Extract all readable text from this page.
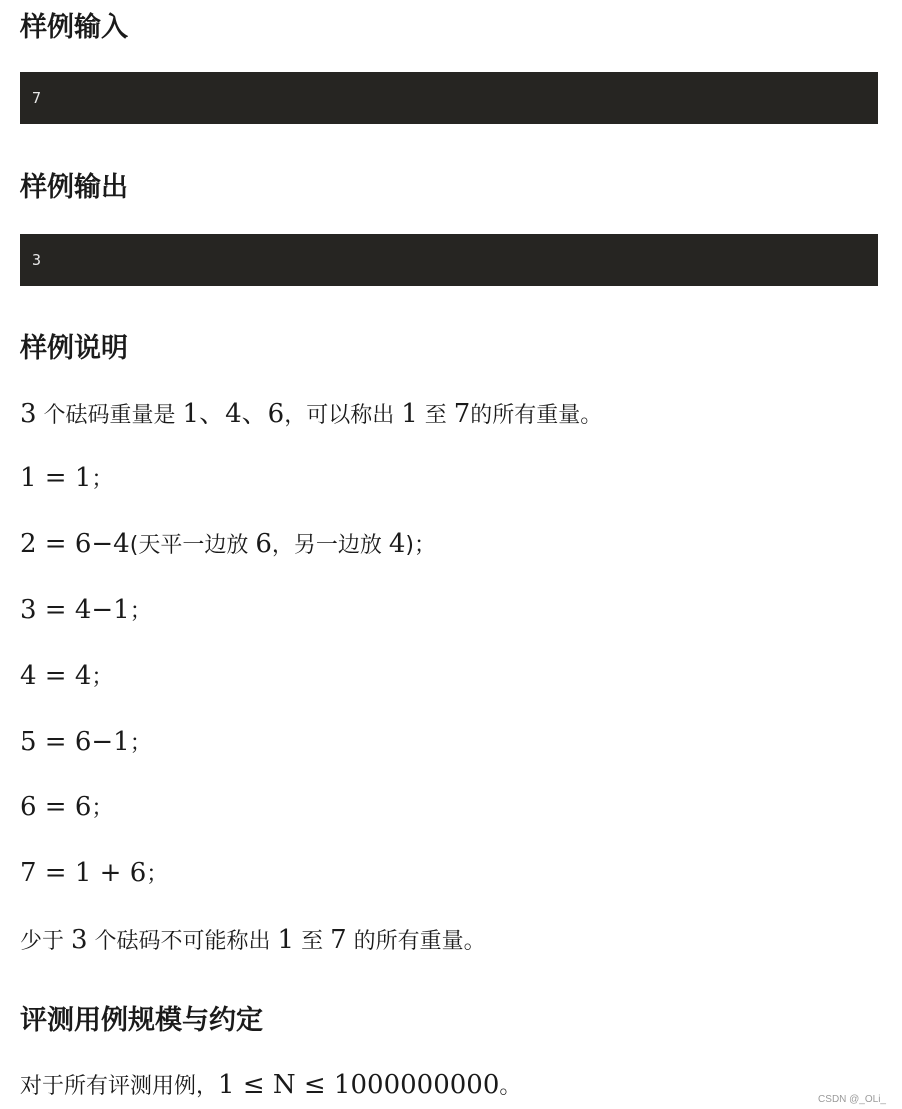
样例输入
7
样例输出
3
样例说明

3 个砝码重量是 1、4、6，可以称出 1 至 7的所有重量。

1 = 1；

2 = 6−4(天平一边放 6，另一边放 4)；

3 = 4−1；

4 = 4；

5 = 6−1；

6 = 6；

7 = 1 + 6；

少于 3 个砝码不可能称出 1 至 7 的所有重量。

评测用例规模与约定

对于所有评测用例，1 ≤ N ≤ 1000000000。

CSDN @_OLi_
